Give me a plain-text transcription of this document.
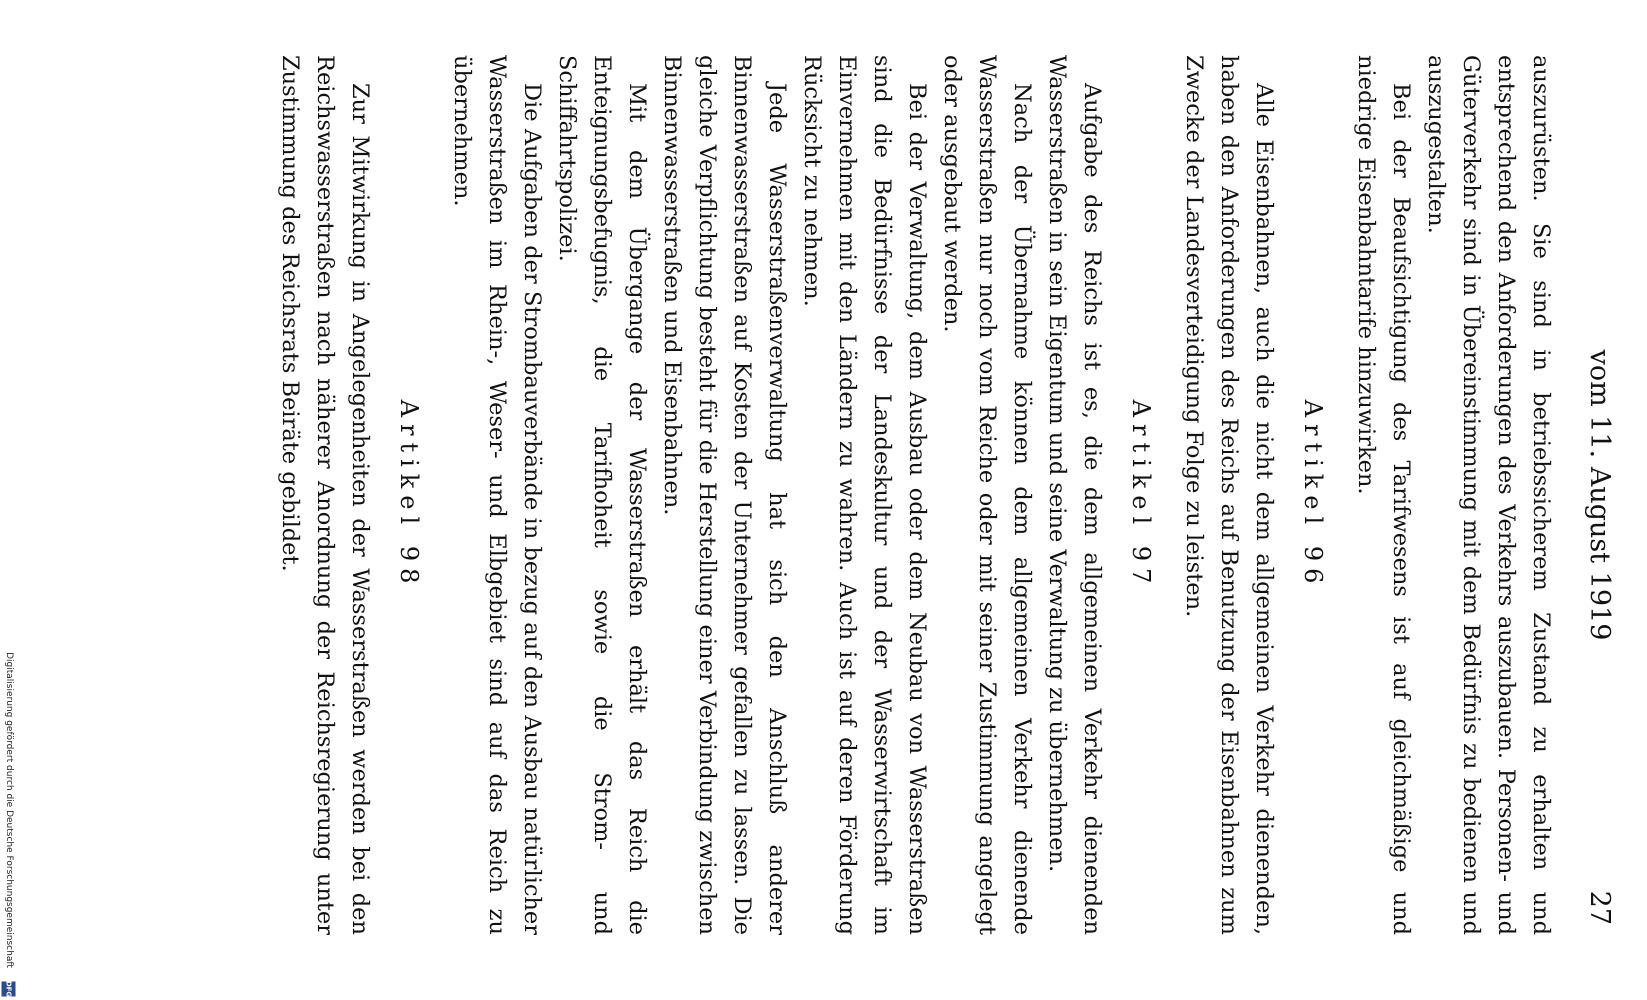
Digitalisierung gefördert durch die Deutsche Forschungsgemeinschaft
DFG
vom 11. August 1919
27

auszurüsten. Sie sind in betriebssicherem Zustand zu erhalten und entsprechend den Anforderungen des Verkehrs auszubauen. Personen- und Güterverkehr sind in Übereinstimmung mit dem Bedürfnis zu bedienen und auszugestalten.

Bei der Beaufsichtigung des Tarifwesens ist auf gleichmäßige und niedrige Eisenbahntarife hinzuwirken.

Artikel 96

Alle Eisenbahnen, auch die nicht dem allgemeinen Verkehr dienenden, haben den Anforderungen des Reichs auf Benutzung der Eisenbahnen zum Zwecke der Landesverteidigung Folge zu leisten.

Artikel 97

Aufgabe des Reichs ist es, die dem allgemeinen Verkehr dienenden Wasserstraßen in sein Eigentum und seine Verwaltung zu übernehmen.

Nach der Übernahme können dem allgemeinen Verkehr dienende Wasserstraßen nur noch vom Reiche oder mit seiner Zustimmung angelegt oder ausgebaut werden.

Bei der Verwaltung, dem Ausbau oder dem Neubau von Wasserstraßen sind die Bedürfnisse der Landeskultur und der Wasserwirtschaft im Einvernehmen mit den Ländern zu wahren. Auch ist auf deren Förderung Rücksicht zu nehmen.

Jede Wasserstraßenverwaltung hat sich den Anschluß anderer Binnenwasserstraßen auf Kosten der Unternehmer gefallen zu lassen. Die gleiche Verpflichtung besteht für die Herstellung einer Verbindung zwischen Binnenwasserstraßen und Eisenbahnen.

Mit dem Übergange der Wasserstraßen erhält das Reich die Enteignungsbefugnis, die Tarifhoheit sowie die Strom- und Schiffahrtspolizei.

Die Aufgaben der Strombauverbände in bezug auf den Ausbau natürlicher Wasserstraßen im Rhein-, Weser- und Elbgebiet sind auf das Reich zu übernehmen.

Artikel 98

Zur Mitwirkung in Angelegenheiten der Wasserstraßen werden bei den Reichswasserstraßen nach näherer Anordnung der Reichsregierung unter Zustimmung des Reichsrats Beiräte gebildet.
